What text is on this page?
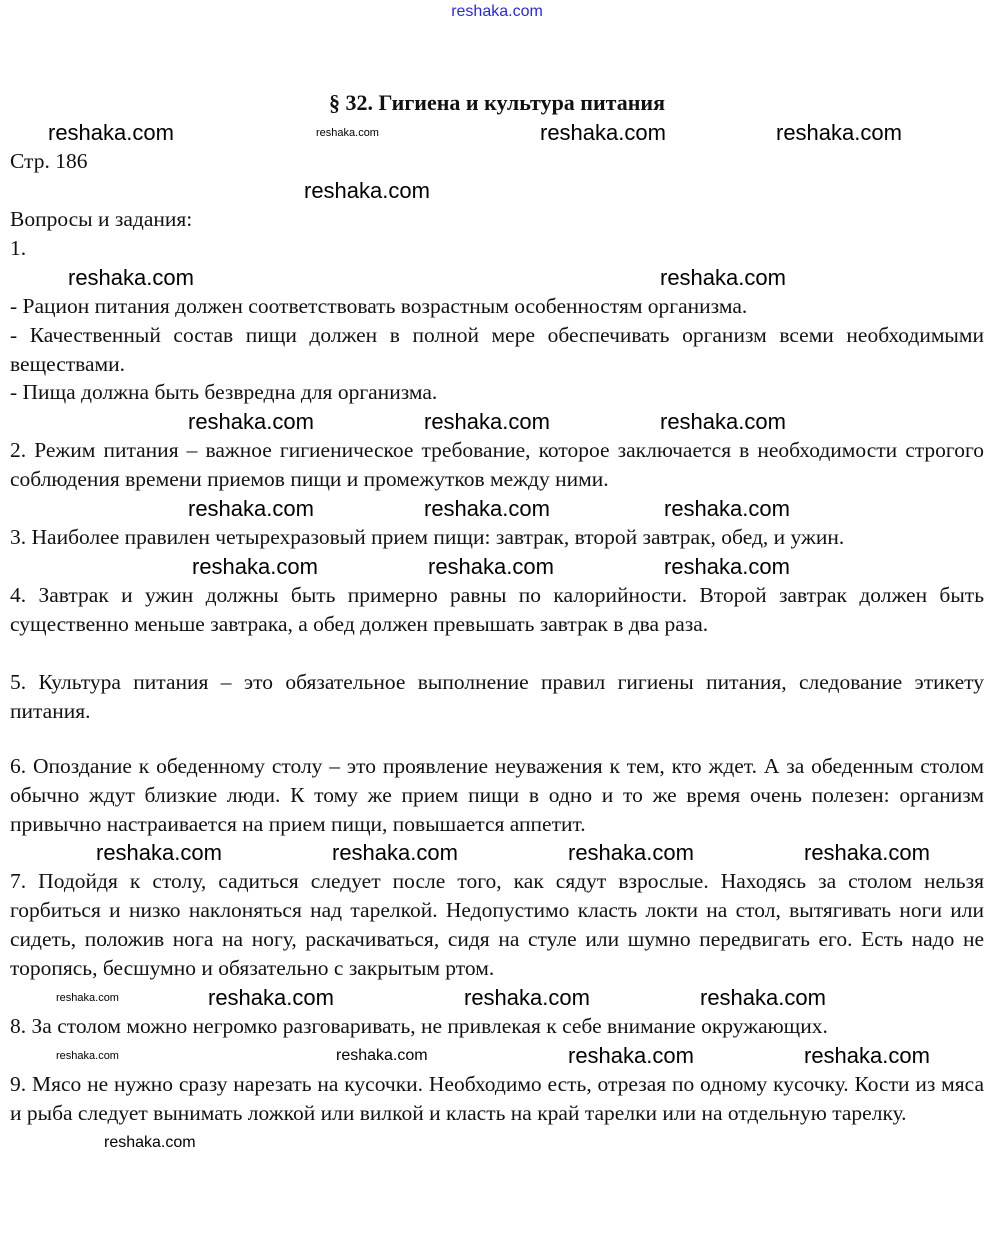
reshaka.com
§ 32. Гигиена и культура питания
reshaka.com	reshaka.com	reshaka.com	reshaka.com
Стр. 186
reshaka.com
Вопросы и задания:
1.
reshaka.com	reshaka.com
- Рацион питания должен соответствовать возрастным особенностям организма.
- Качественный состав пищи должен в полной мере обеспечивать организм всеми необходимыми веществами.
- Пища должна быть безвредна для организма.
reshaka.com	reshaka.com	reshaka.com
2. Режим питания – важное гигиеническое требование, которое заключается в необходимости строгого соблюдения времени приемов пищи и промежутков между ними.
reshaka.com	reshaka.com	reshaka.com
3. Наиболее правилен четырехразовый прием пищи: завтрак, второй завтрак, обед, и ужин.
reshaka.com	reshaka.com	reshaka.com
4. Завтрак и ужин должны быть примерно равны по калорийности. Второй завтрак должен быть существенно меньше завтрака, а обед должен превышать завтрак в два раза.
5. Культура питания – это обязательное выполнение правил гигиены питания, следование этикету питания.
6. Опоздание к обеденному столу – это проявление неуважения к тем, кто ждет. А за обеденным столом обычно ждут близкие люди. К тому же прием пищи в одно и то же время очень полезен: организм привычно настраивается на прием пищи, повышается аппетит.
reshaka.com	reshaka.com	reshaka.com	reshaka.com
7. Подойдя к столу, садиться следует после того, как сядут взрослые. Находясь за столом нельзя горбиться и низко наклоняться над тарелкой. Недопустимо класть локти на стол, вытягивать ноги или сидеть, положив нога на ногу, раскачиваться, сидя на стуле или шумно передвигать его. Есть надо не торопясь, бесшумно и обязательно с закрытым ртом.
reshaka.com	reshaka.com	reshaka.com	reshaka.com
8. За столом можно негромко разговаривать, не привлекая к себе внимание окружающих.
reshaka.com	reshaka.com	reshaka.com	reshaka.com
9. Мясо не нужно сразу нарезать на кусочки. Необходимо есть, отрезая по одному кусочку. Кости из мяса и рыба следует вынимать ложкой или вилкой и класть на край тарелки или на отдельную тарелку.
reshaka.com
